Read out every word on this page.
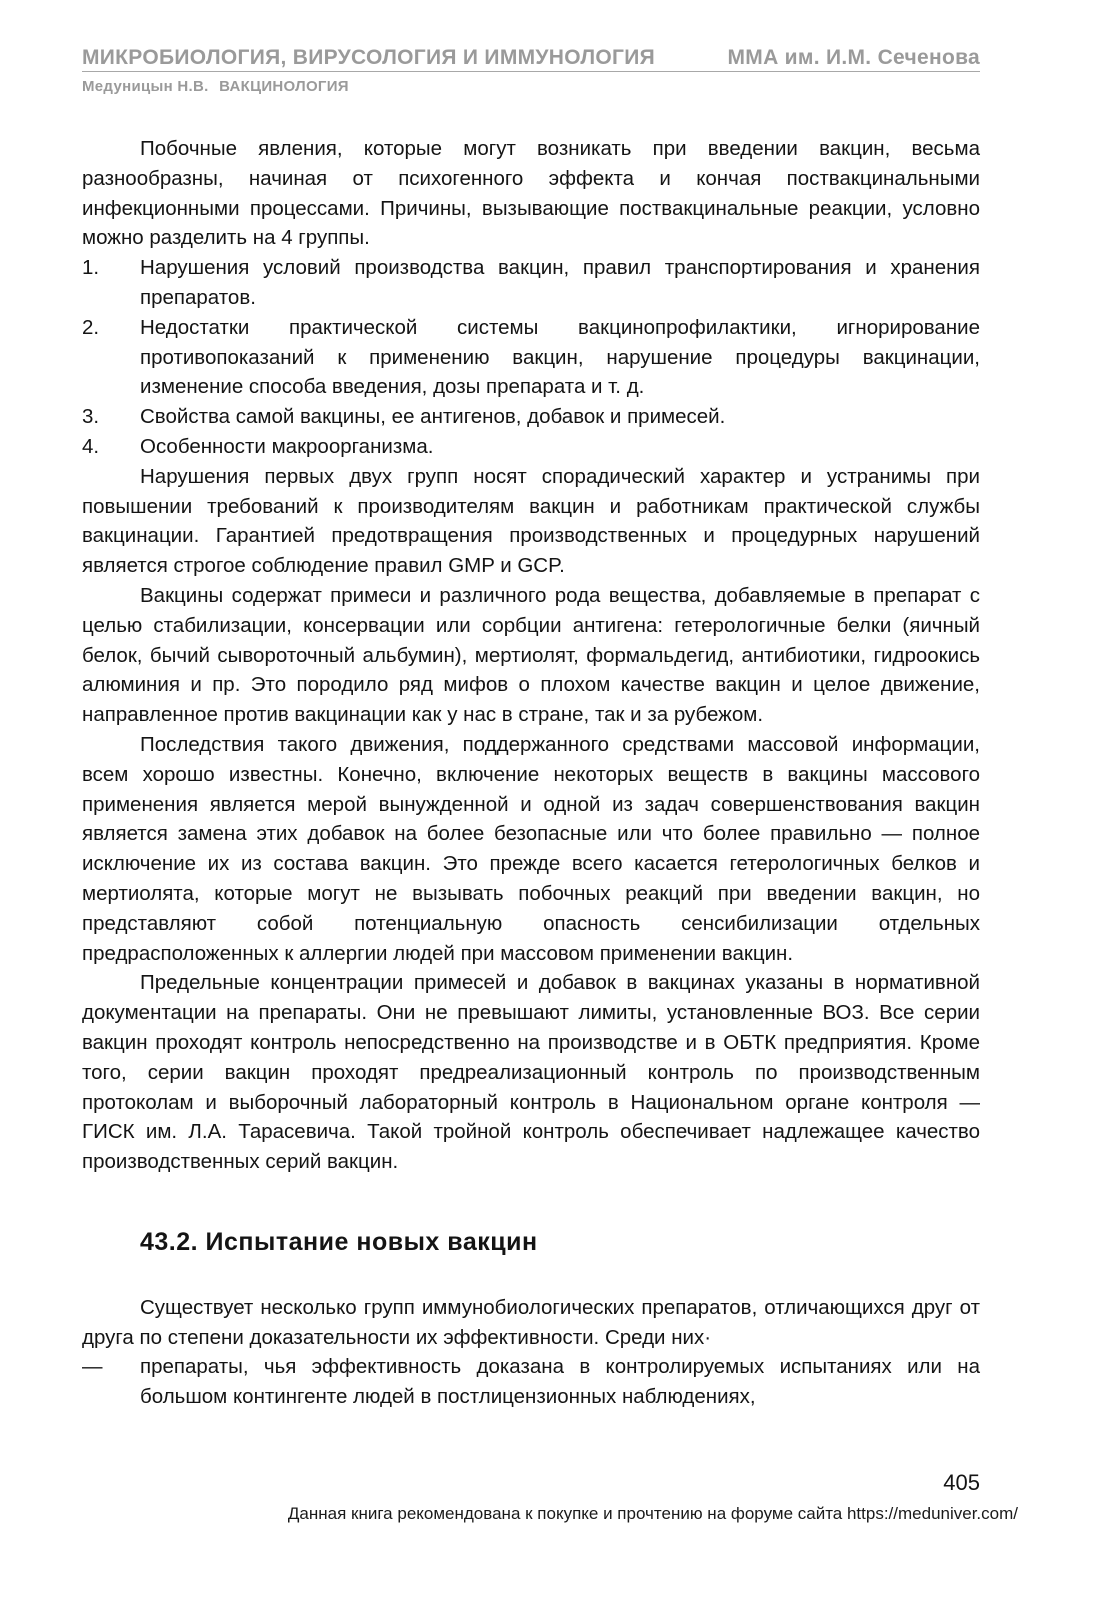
МИКРОБИОЛОГИЯ, ВИРУСОЛОГИЯ И ИММУНОЛОГИЯ	ММА им. И.М. Сеченова
Медуницын Н.В. ВАКЦИНОЛОГИЯ

Побочные явления, которые могут возникать при введении вакцин, весьма разнообразны, начиная от психогенного эффекта и кончая поствакцинальными инфекционными процессами. Причины, вызывающие поствакцинальные реакции, условно можно разделить на 4 группы.

1.	Нарушения условий производства вакцин, правил транспортирования и хранения препаратов.
2.	Недостатки практической системы вакцинопрофилактики, игнорирование противопоказаний к применению вакцин, нарушение процедуры вакцинации, изменение способа введения, дозы препарата и т. д.
3.	Свойства самой вакцины, ее антигенов, добавок и примесей.
4.	Особенности макроорганизма.

Нарушения первых двух групп носят спорадический характер и устранимы при повышении требований к производителям вакцин и работникам практической службы вакцинации. Гарантией предотвращения производственных и процедурных нарушений является строгое соблюдение правил GMP и GCP.

Вакцины содержат примеси и различного рода вещества, добавляемые в препарат с целью стабилизации, консервации или сорбции антигена: гетерологичные белки (яичный белок, бычий сывороточный альбумин), мертиолят, формальдегид, антибиотики, гидроокись алюминия и пр. Это породило ряд мифов о плохом качестве вакцин и целое движение, направленное против вакцинации как у нас в стране, так и за рубежом.

Последствия такого движения, поддержанного средствами массовой информации, всем хорошо известны. Конечно, включение некоторых веществ в вакцины массового применения является мерой вынужденной и одной из задач совершенствования вакцин является замена этих добавок на более безопасные или что более правильно — полное исключение их из состава вакцин. Это прежде всего касается гетерологичных белков и мертиолята, которые могут не вызывать побочных реакций при введении вакцин, но представляют собой потенциальную опасность сенсибилизации отдельных предрасположенных к аллергии людей при массовом применении вакцин.

Предельные концентрации примесей и добавок в вакцинах указаны в нормативной документации на препараты. Они не превышают лимиты, установленные ВОЗ. Все серии вакцин проходят контроль непосредственно на производстве и в ОБТК предприятия. Кроме того, серии вакцин проходят предреализационный контроль по производственным протоколам и выборочный лабораторный контроль в Национальном органе контроля — ГИСК им. Л.А. Тарасевича. Такой тройной контроль обеспечивает надлежащее качество производственных серий вакцин.

43.2. Испытание новых вакцин

Существует несколько групп иммунобиологических препаратов, отличающихся друг от друга по степени доказательности их эффективности. Среди них·

—	препараты, чья эффективность доказана в контролируемых испытаниях или на большом контингенте людей в постлицензионных наблюдениях,
405
Данная книга рекомендована к покупке и прочтению на форуме сайта https://meduniver.com/
